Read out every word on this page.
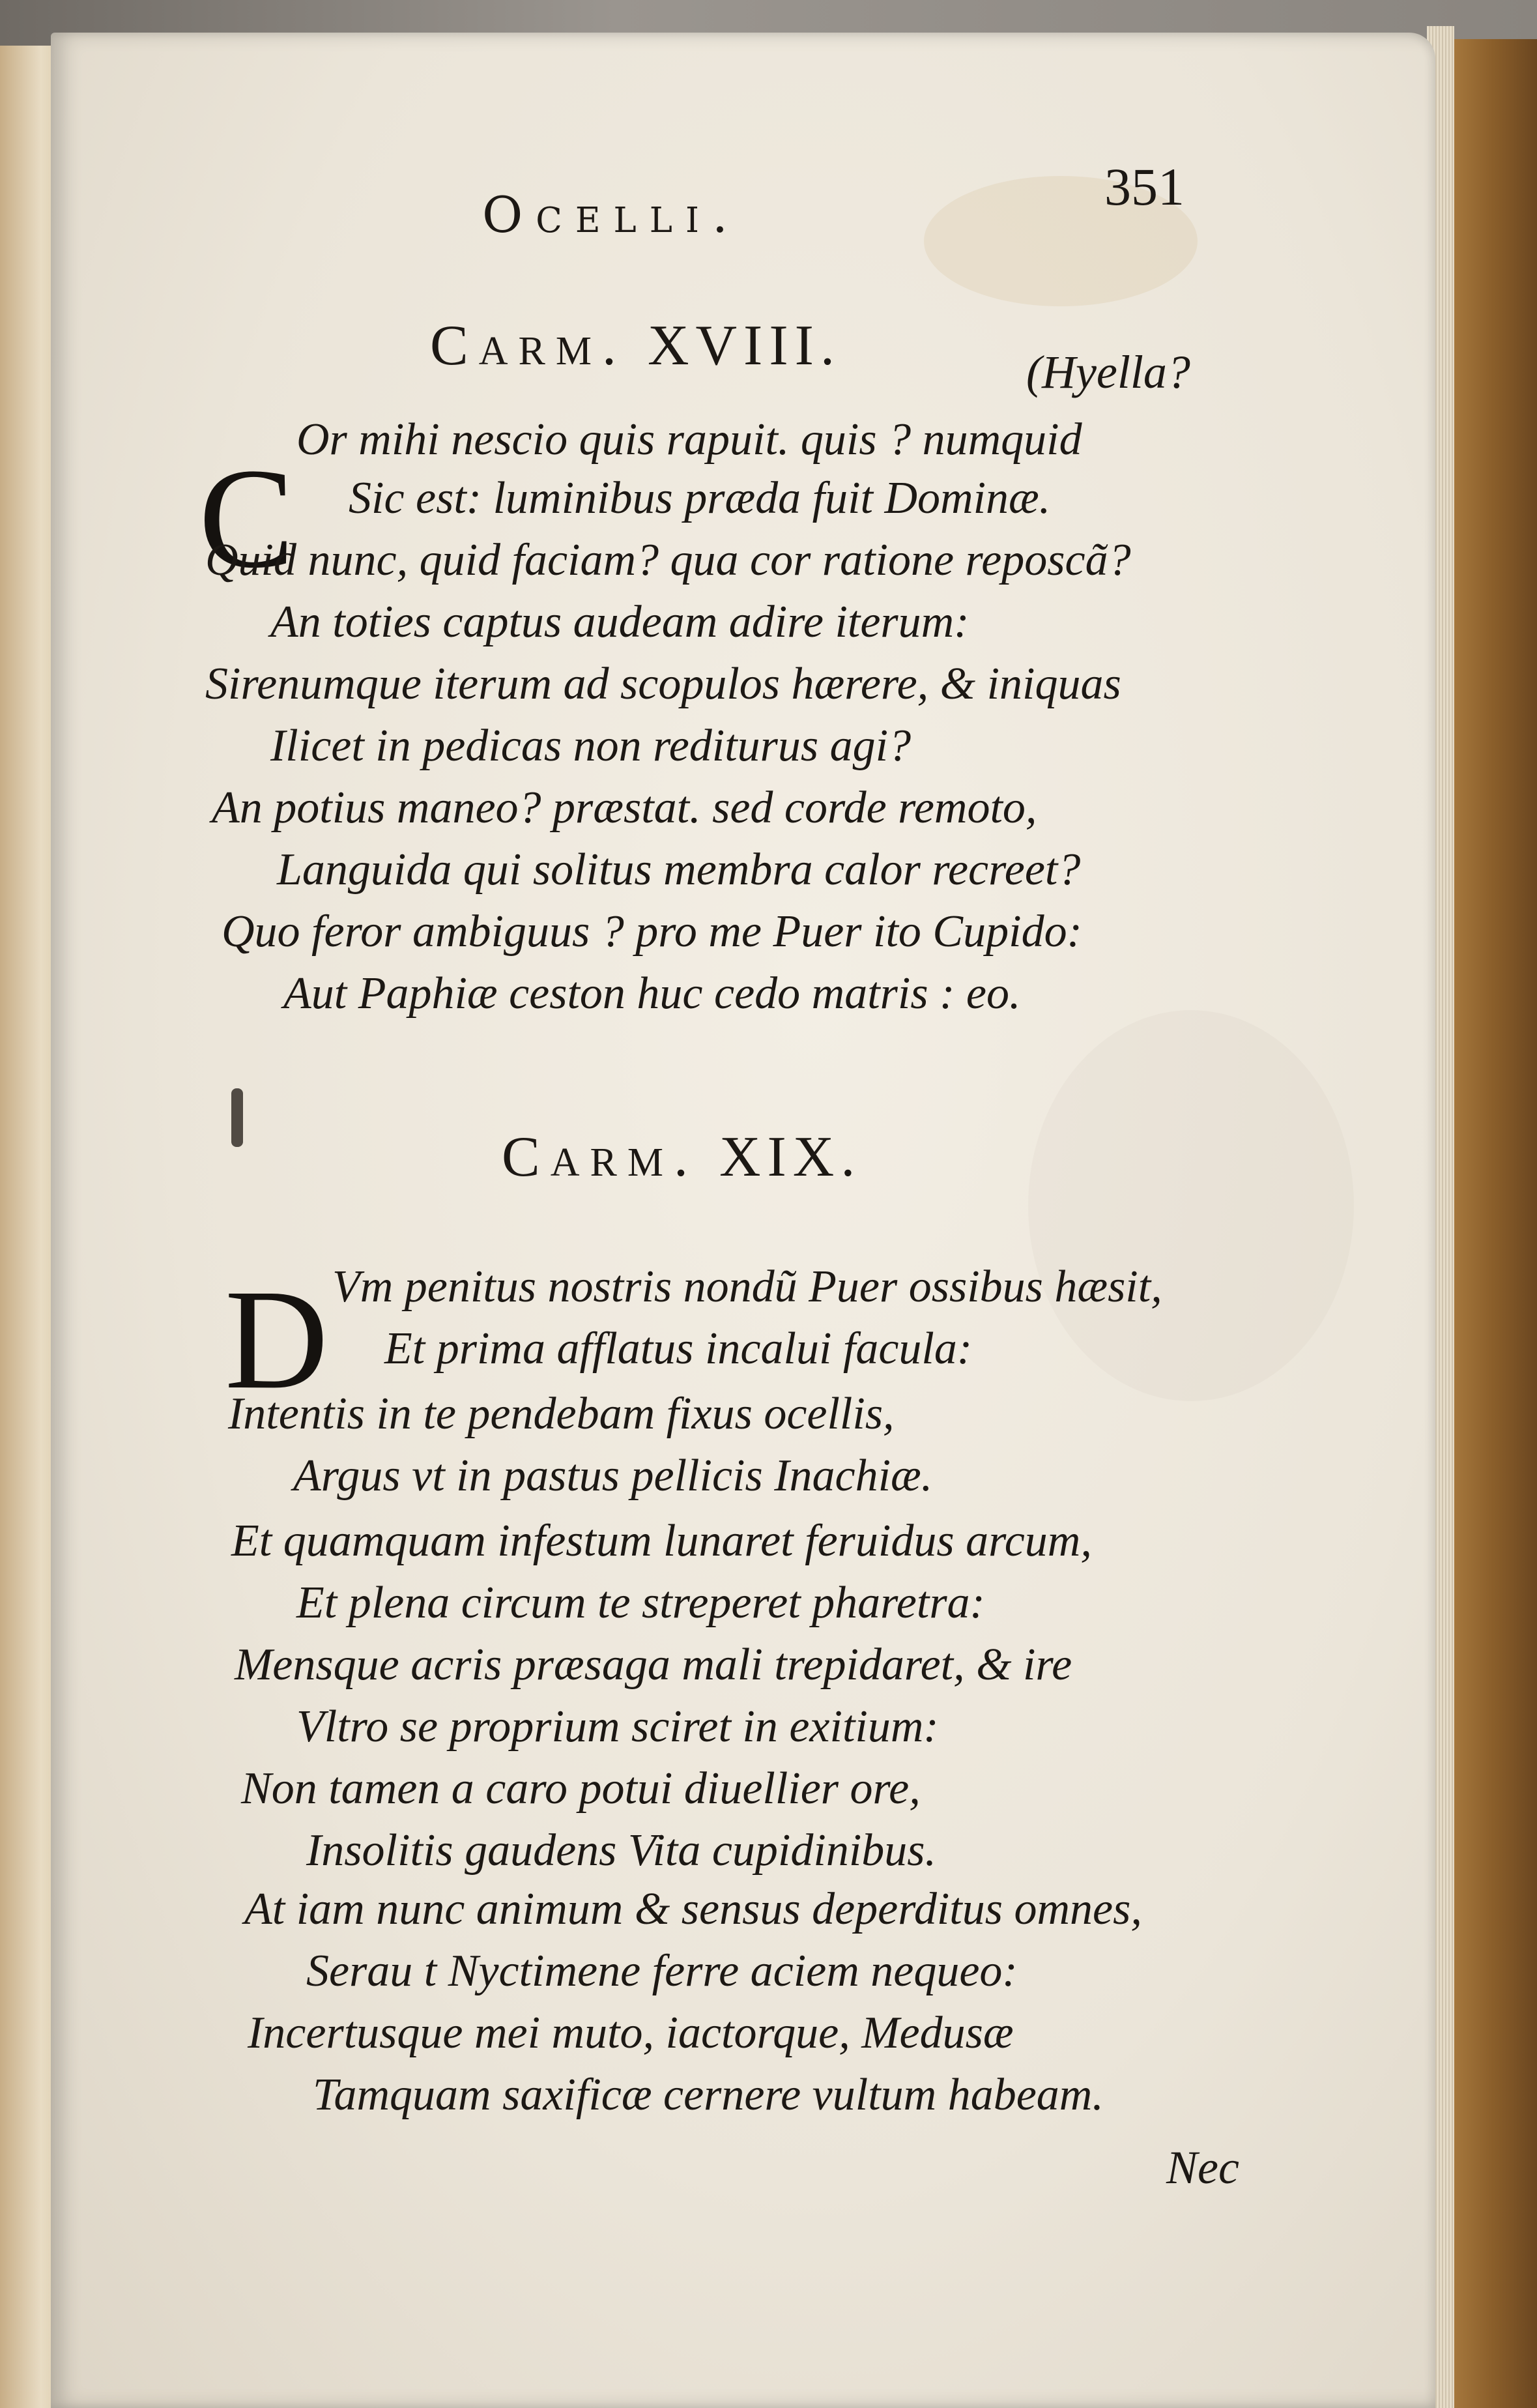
Ocelli.	351
Carm. XVIII.	(Hyella?
C Or mihi nescio quis rapuit. quis ? numquid
Sic est: luminibus præda fuit Dominæ.
Quid nunc, quid faciam? qua cor ratione reposcã?
An toties captus audeam adire iterum:
Sirenumque iterum ad scopulos hærere, & iniquas
Ilicet in pedicas non rediturus agi?
An potius maneo? præstat. sed corde remoto,
Languida qui solitus membra calor recreet?
Quo feror ambiguus ? pro me Puer ito Cupido:
Aut Paphiæ ceston huc cedo matris : eo.
Carm. XIX.
D Vm penitus nostris nondũ Puer ossibus hæsit,
Et prima afflatus incalui facula:
Intentis in te pendebam fixus ocellis,
Argus vt in pastus pellicis Inachiæ.
Et quamquam infestum lunaret feruidus arcum,
Et plena circum te streperet pharetra:
Mensque acris præsaga mali trepidaret, & ire
Vltro se proprium sciret in exitium:
Non tamen a caro potui diuellier ore,
Insolitis gaudens Vita cupidinibus.
At iam nunc animum & sensus deperditus omnes,
Serau t Nyctimene ferre aciem nequeo:
Incertusque mei muto, iactorque, Medusæ
Tamquam saxificæ cernere vultum habeam.
Nec
